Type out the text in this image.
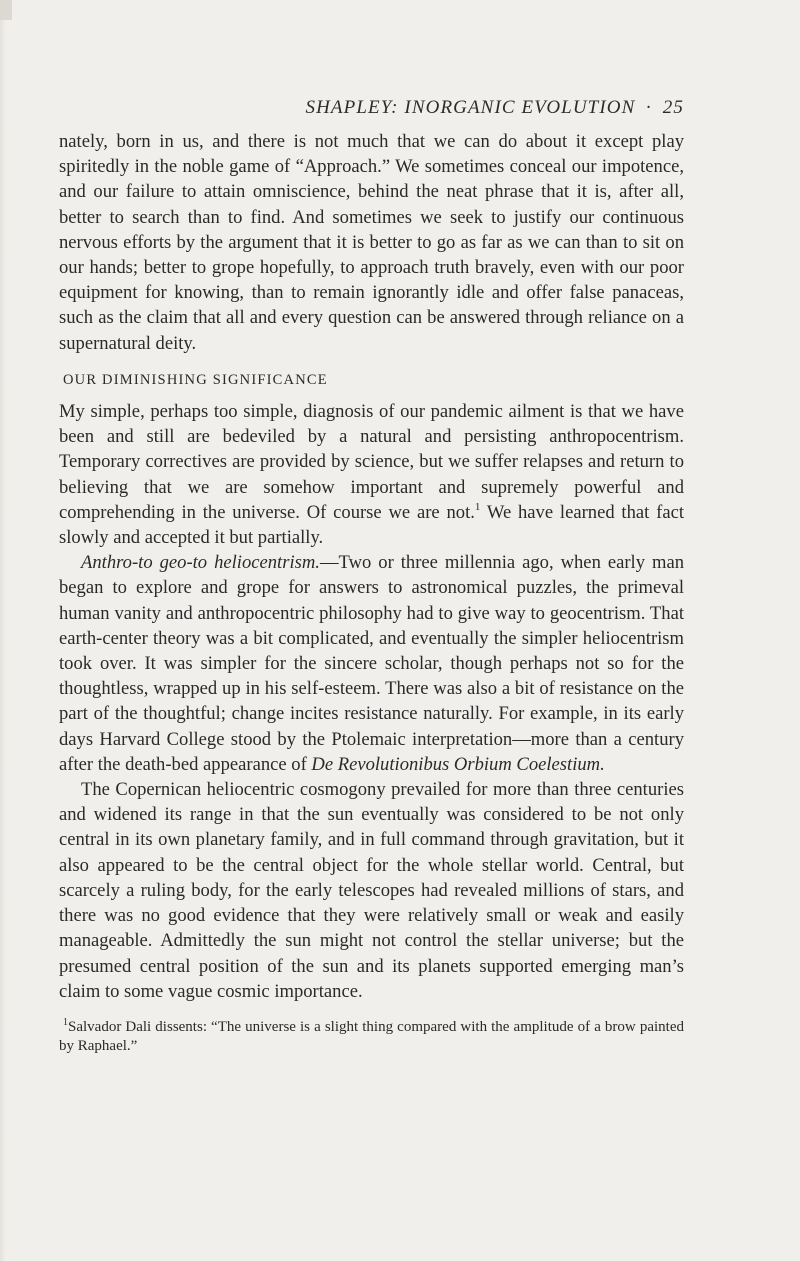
SHAPLEY: INORGANIC EVOLUTION · 25

nately, born in us, and there is not much that we can do about it except play spiritedly in the noble game of “Approach.” We sometimes conceal our impotence, and our failure to attain omniscience, behind the neat phrase that it is, after all, better to search than to find. And sometimes we seek to justify our continuous nervous efforts by the argument that it is better to go as far as we can than to sit on our hands; better to grope hopefully, to approach truth bravely, even with our poor equipment for knowing, than to remain ignorantly idle and offer false panaceas, such as the claim that all and every question can be answered through reliance on a supernatural deity.

OUR DIMINISHING SIGNIFICANCE

My simple, perhaps too simple, diagnosis of our pandemic ailment is that we have been and still are bedeviled by a natural and persisting anthropocentrism. Temporary correctives are provided by science, but we suffer relapses and return to believing that we are somehow important and supremely powerful and comprehending in the universe. Of course we are not.$^1$ We have learned that fact slowly and accepted it but partially.

Anthro-to geo-to heliocentrism.—Two or three millennia ago, when early man began to explore and grope for answers to astronomical puzzles, the primeval human vanity and anthropocentric philosophy had to give way to geocentrism. That earth-center theory was a bit complicated, and eventually the simpler heliocentrism took over. It was simpler for the sincere scholar, though perhaps not so for the thoughtless, wrapped up in his self-esteem. There was also a bit of resistance on the part of the thoughtful; change incites resistance naturally. For example, in its early days Harvard College stood by the Ptolemaic interpretation—more than a century after the death-bed appearance of De Revolutionibus Orbium Coelestium.

The Copernican heliocentric cosmogony prevailed for more than three centuries and widened its range in that the sun eventually was considered to be not only central in its own planetary family, and in full command through gravitation, but it also appeared to be the central object for the whole stellar world. Central, but scarcely a ruling body, for the early telescopes had revealed millions of stars, and there was no good evidence that they were relatively small or weak and easily manageable. Admittedly the sun might not control the stellar universe; but the presumed central position of the sun and its planets supported emerging man’s claim to some vague cosmic importance.

$^1$Salvador Dali dissents: “The universe is a slight thing compared with the amplitude of a brow painted by Raphael.”
